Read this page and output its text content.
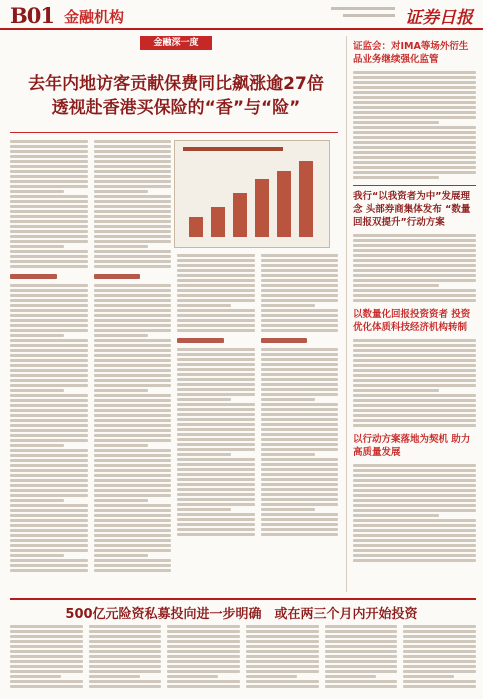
B01 金融机构	证券日报
金融深一度
去年内地访客贡献保费同比飙涨逾27倍
透视赴香港买保险的“香”与“险”
证监会：对IMA等场外衍生品业务继续强化监管
我行“以我资者为中”发展理念 头部券商集体发布 “数量回报双提升”行动方案
以数量化回报投资资者 投资优化体质科技经济机构转制
以行动方案落地为契机 助力高质量发展
500亿元险资私募投向进一步明确　或在两三个月内开始投资
